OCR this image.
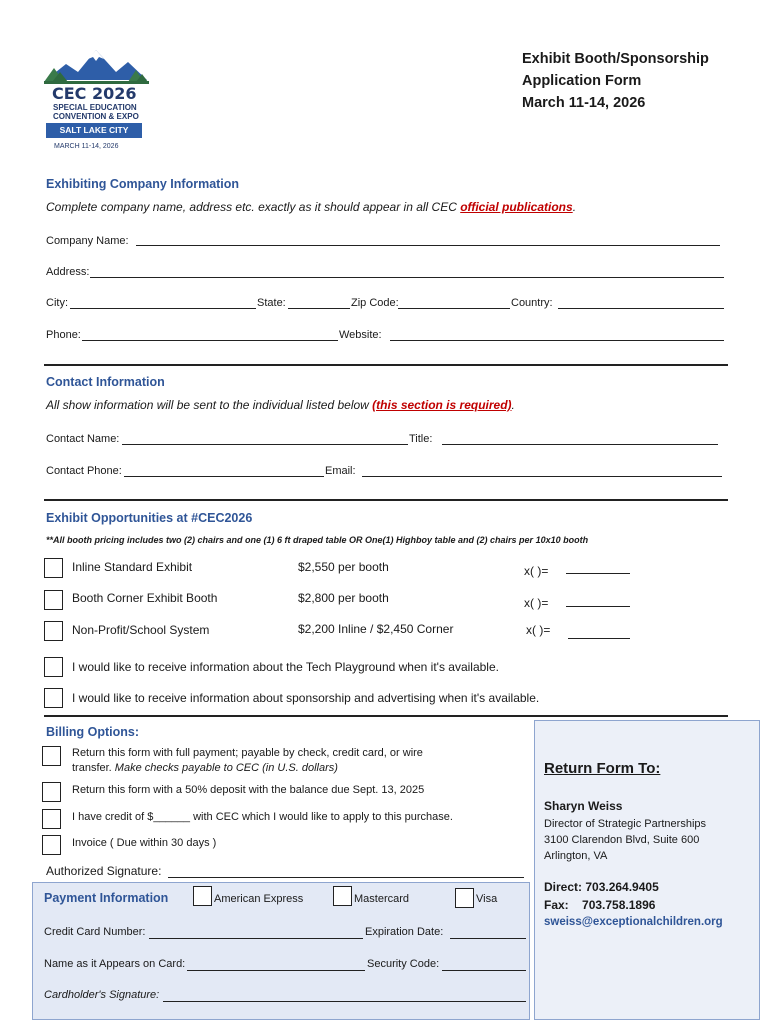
CEC 2026
SPECIAL EDUCATION
CONVENTION & EXPO
SALT LAKE CITY
MARCH 11-14, 2026
Exhibit Booth/Sponsorship
Application Form
March 11-14, 2026
Exhibiting Company Information
Complete company name, address etc. exactly as it should appear in all CEC official publications.
Company Name:
Address:
City:	State:	Zip Code:	Country:
Phone:	Website:
Contact Information
All show information will be sent to the individual listed below (this section is required).
Contact Name:	Title:
Contact Phone:	Email:
Exhibit Opportunities at #CEC2026
**All booth pricing includes two (2) chairs and one (1) 6 ft draped table OR One(1) Highboy table and (2) chairs per 10x10 booth
Inline Standard Exhibit	$2,550 per booth	x( )=
Booth Corner Exhibit Booth	$2,800 per booth	x( )=
Non-Profit/School System	$2,200 Inline / $2,450 Corner	x( )=
I would like to receive information about the Tech Playground when it's available.
I would like to receive information about sponsorship and advertising when it's available.
Billing Options:
Return this form with full payment; payable by check, credit card, or wire
transfer. Make checks payable to CEC (in U.S. dollars)
Return this form with a 50% deposit with the balance due Sept. 13, 2025
I have credit of $______ with CEC which I would like to apply to this purchase.
Invoice ( Due within 30 days )
Authorized Signature:
Payment Information	American Express	Mastercard	Visa
Credit Card Number:	Expiration Date:
Name as it Appears on Card:	Security Code:
Cardholder's Signature:
Return Form To:
Sharyn Weiss
Director of Strategic Partnerships
3100 Clarendon Blvd, Suite 600
Arlington, VA
Direct: 703.264.9405
Fax: 703.758.1896
sweiss@exceptionalchildren.org
